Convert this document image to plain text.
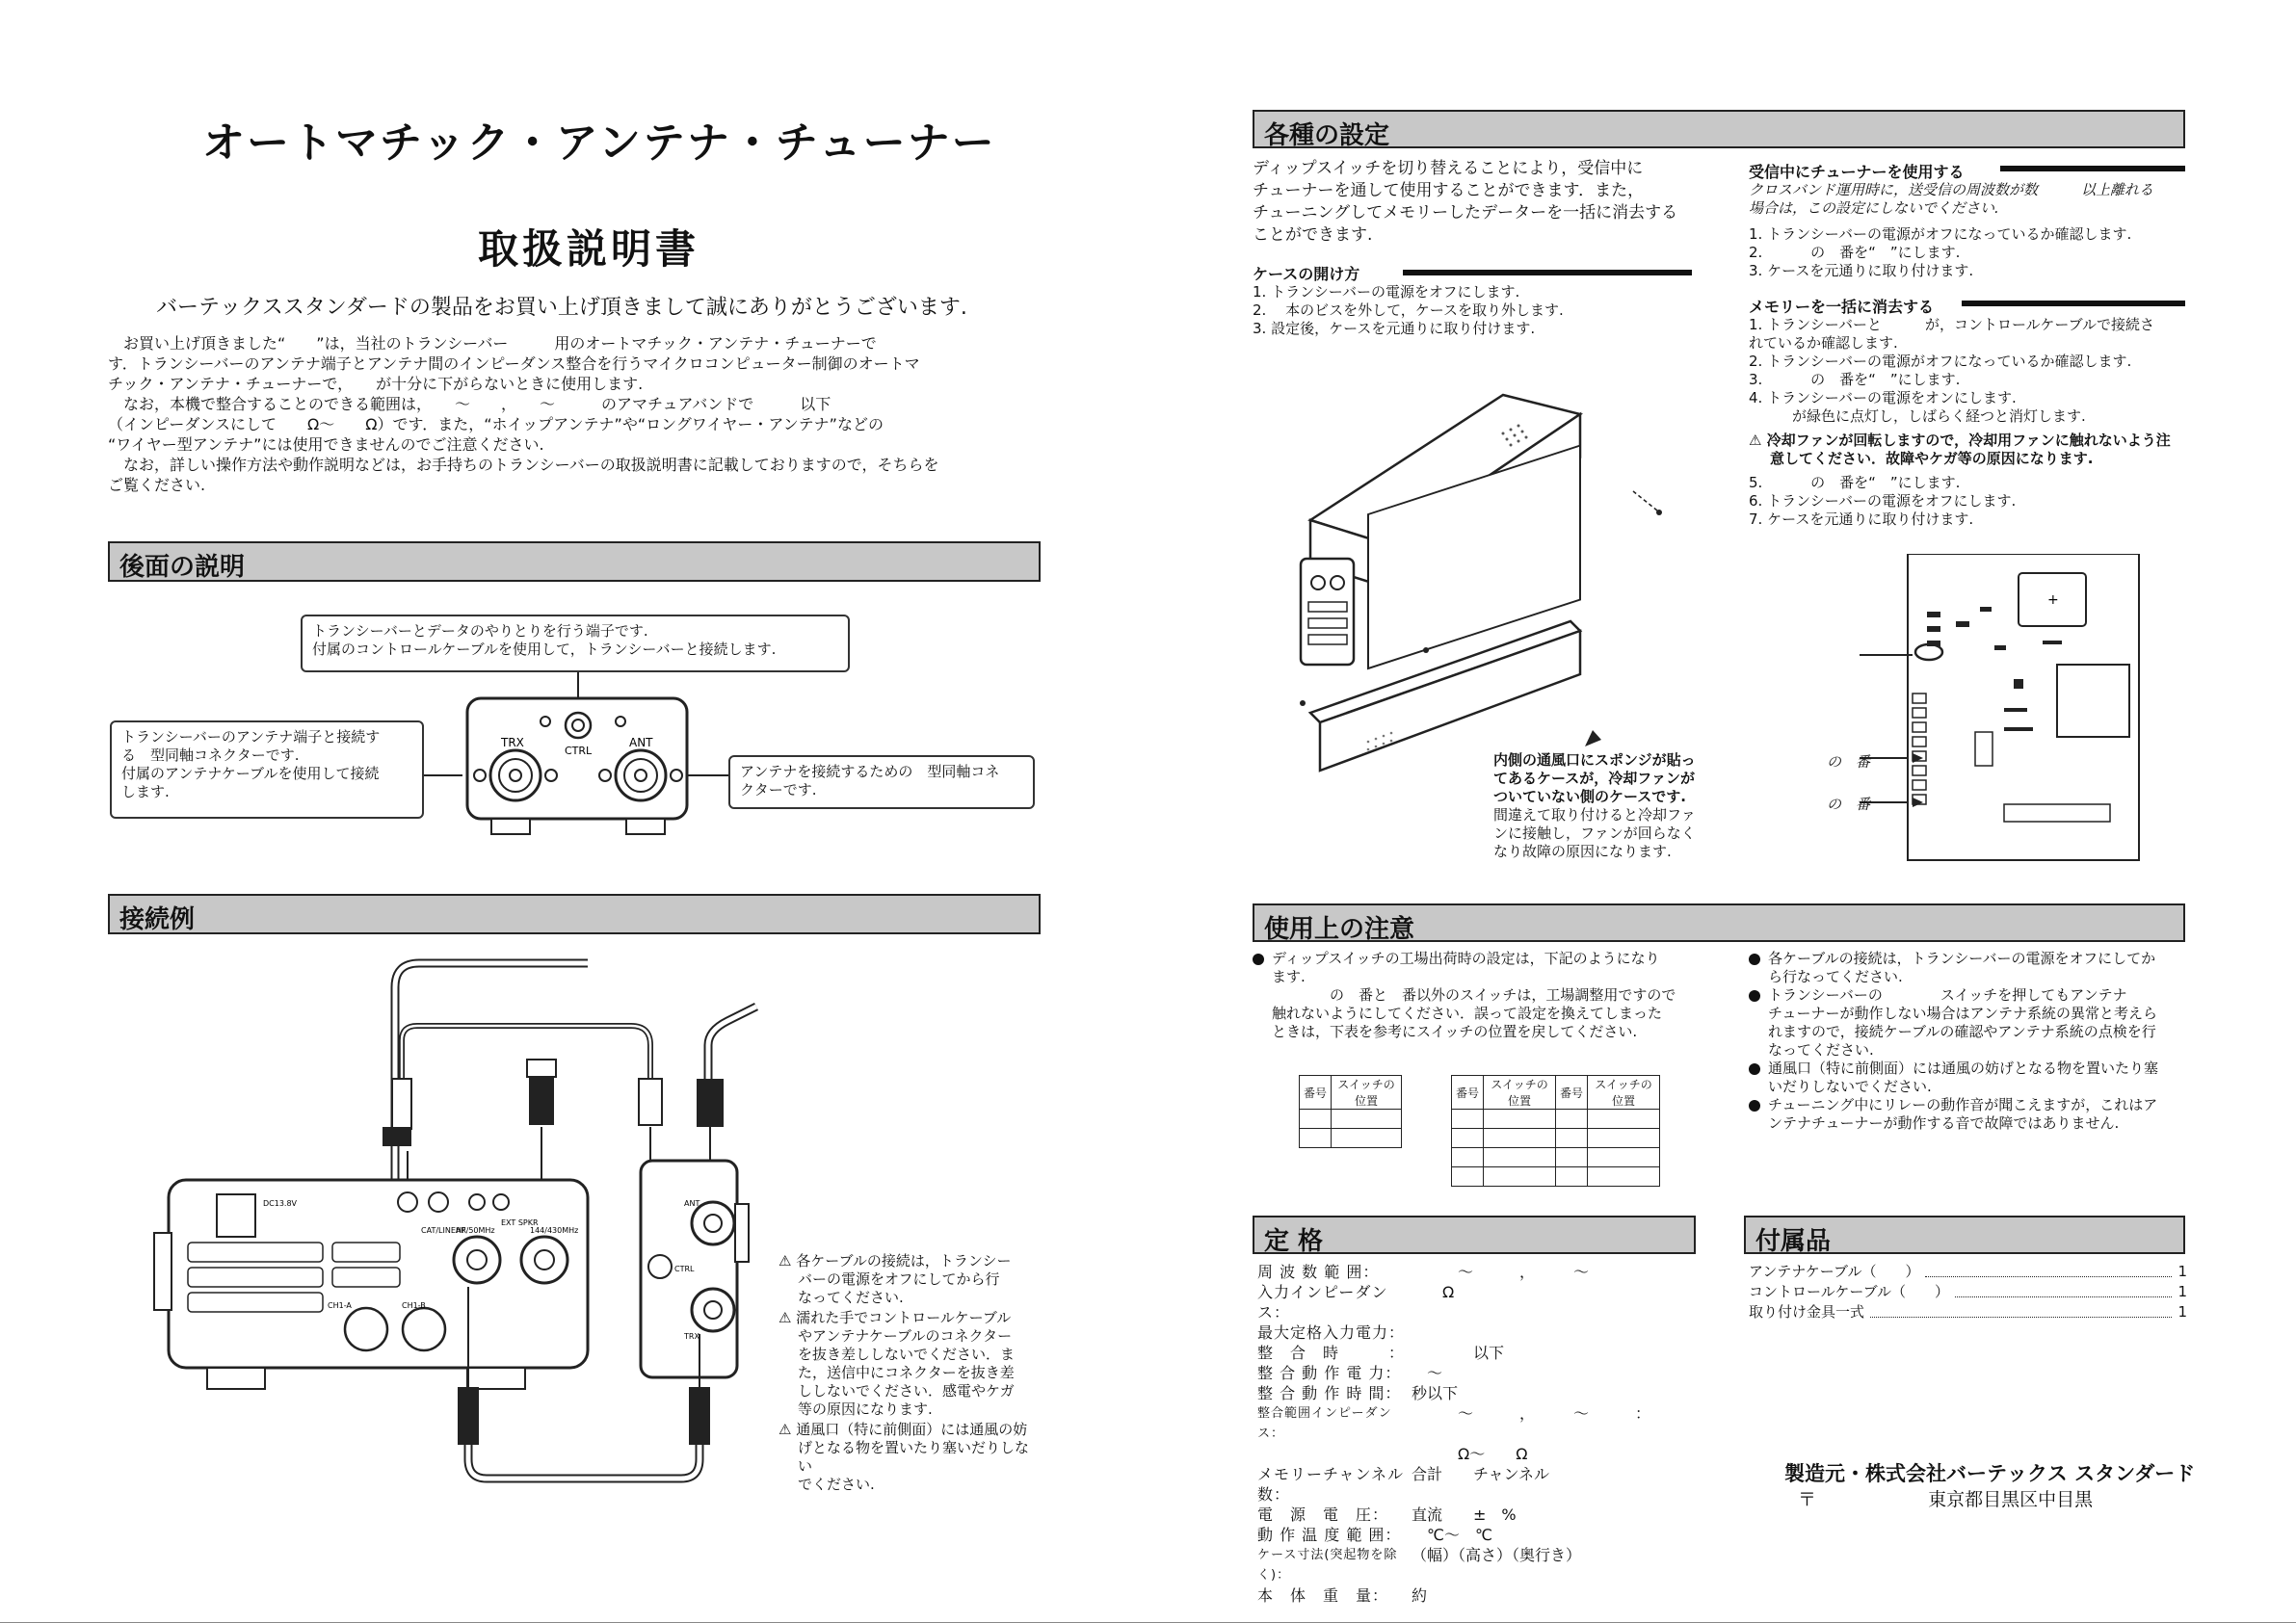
オートマチック・アンテナ・チューナー
取扱説明書
バーテックススタンダードの製品をお買い上げ頂きまして誠にありがとうございます.
お買い上げ頂きました“　　”は，当社のトランシーバー　　　用のオートマチック・アンテナ・チューナーで
す．トランシーバーのアンテナ端子とアンテナ間のインピーダンス整合を行うマイクロコンピューター制御のオートマ
チック・アンテナ・チューナーで，　　が十分に下がらないときに使用します.
なお，本機で整合することのできる範囲は，　　～　　，　　～　　　のアマチュアバンドで　　　以下
（インピーダンスにして　　Ω～　　Ω）です．また，“ホイップアンテナ”や“ロングワイヤー・アンテナ”などの
“ワイヤー型アンテナ”には使用できませんのでご注意ください.
なお，詳しい操作方法や動作説明などは，お手持ちのトランシーバーの取扱説明書に記載しておりますので，そちらを
ご覧ください.
後面の説明
トランシーバーとデータのやりとりを行う端子です.
付属のコントロールケーブルを使用して，トランシーバーと接続します.
トランシーバーのアンテナ端子と接続す
る　型同軸コネクターです.
付属のアンテナケーブルを使用して接続
します.
アンテナを接続するための　型同軸コネ
クターです.
TRX
CTRL
ANT
接続例
DC13.8V
CAT/LINEAR
EXT SPKR
HF/50MHz	144/430MHz
CH1-A	CH1-B
ANT
CTRL
TRX
⚠ 各ケーブルの接続は，トランシー
バーの電源をオフにしてから行
なってください.
⚠ 濡れた手でコントロールケーブル
やアンテナケーブルのコネクター
を抜き差ししないでください．ま
た，送信中にコネクターを抜き差
ししないでください．感電やケガ
等の原因になります.
⚠ 通風口（特に前側面）には通風の妨
げとなる物を置いたり塞いだりしない
でください.
各種の設定
ディップスイッチを切り替えることにより，受信中に
チューナーを通して使用することができます．また，
チューニングしてメモリーしたデーターを一括に消去する
ことができます.
ケースの開け方
1. トランシーバーの電源をオフにします.
2. 　本のビスを外して，ケースを取り外します.
3. 設定後，ケースを元通りに取り付けます.
内側の通風口にスポンジが貼っ
てあるケースが，冷却ファンが
ついていない側のケースです.
間違えて取り付けると冷却ファ
ンに接触し，ファンが回らなく
なり故障の原因になります.
受信中にチューナーを使用する
クロスバンド運用時に，送受信の周波数が数　　　以上離れる
場合は，この設定にしないでください.
1. トランシーバーの電源がオフになっているか確認します.
2. 　　　の　番を“　”にします.
3. ケースを元通りに取り付けます.
メモリーを一括に消去する
1. トランシーバーと　　　が，コントロールケーブルで接続さ
れているか確認します.
2. トランシーバーの電源がオフになっているか確認します.
3. 　　　の　番を“　”にします.
4. トランシーバーの電源をオンにします.
　　　が緑色に点灯し，しばらく経つと消灯します.
⚠ 冷却ファンが回転しますので，冷却用ファンに触れないよう注
意してください．故障やケガ等の原因になります.
5. 　　　の　番を“　”にします.
6. トランシーバーの電源をオフにします.
7. ケースを元通りに取り付けます.
+
の　番
の　番
使用上の注意
ディップスイッチの工場出荷時の設定は，下記のようになり
ます.
　　　　の　番と　番以外のスイッチは，工場調整用ですので
触れないようにしてください．誤って設定を換えてしまった
ときは，下表を参考にスイッチの位置を戻してください.
番号	スイッチの位置

番号	スイッチの位置	番号	スイッチの位置

各ケーブルの接続は，トランシーバーの電源をオフにしてか
ら行なってください.
トランシーバーの　　　　スイッチを押してもアンテナ
チューナーが動作しない場合はアンテナ系統の異常と考えら
れますので，接続ケーブルの確認やアンテナ系統の点検を行
なってください.
通風口（特に前側面）には通風の妨げとなる物を置いたり塞
いだりしないでください.
チューニング中にリレーの動作音が聞こえますが，これはア
ンテナチューナーが動作する音で故障ではありません.
定 格
周 波 数 範 囲：	　　　～　　　，　　　～
入力インピーダンス：
　　Ω
最大定格入力電力：
整　合　時　　　： 　　　　以下
整 合 動 作 電 力： 　～
整 合 動 作 時 間： 秒以下
整合範囲インピーダンス：
　　　～　　　，　　　～　　　：
　　　Ω～　　Ω
メモリーチャンネル数：
合計　　チャンネル
電　源　電　圧：	直流　　±　%
動 作 温 度 範 囲： 　℃～　℃
ケース寸法(突起物を除く)：
（幅）（高さ）（奥行き）
本　体　重　量：	約
付属品
アンテナケーブル（　　）	1
コントロールケーブル（　　）	1
取り付け金具一式	1
製造元・株式会社バーテックス スタンダード
〒	東京都目黒区中目黒
